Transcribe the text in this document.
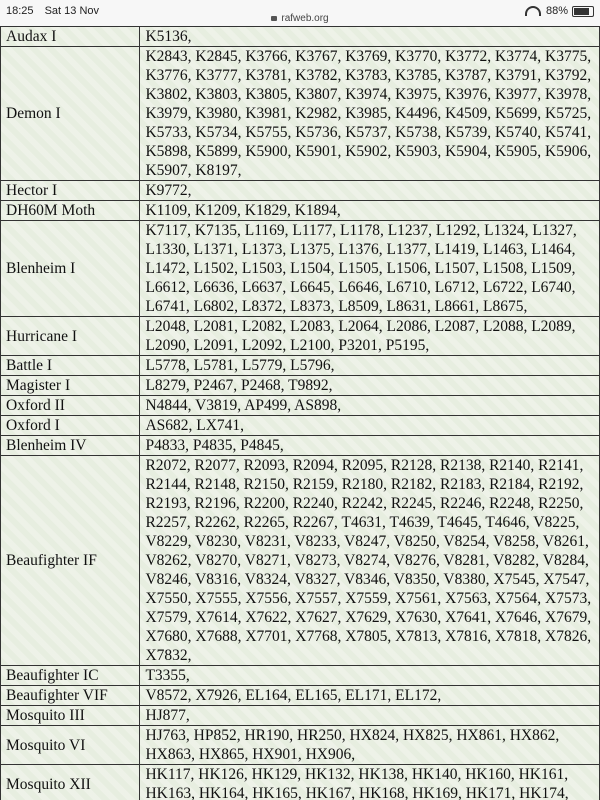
18:25 Sat 13 Nov
rafweb.org
88%
Audax I	K5136,
Demon I	K2843, K2845, K3766, K3767, K3769, K3770, K3772, K3774, K3775, K3776, K3777, K3781, K3782, K3783, K3785, K3787, K3791, K3792, K3802, K3803, K3805, K3807, K3974, K3975, K3976, K3977, K3978, K3979, K3980, K3981, K2982, K3985, K4496, K4509, K5699, K5725, K5733, K5734, K5755, K5736, K5737, K5738, K5739, K5740, K5741, K5898, K5899, K5900, K5901, K5902, K5903, K5904, K5905, K5906, K5907, K8197,
Hector I	K9772,
DH60M Moth	K1109, K1209, K1829, K1894,
Blenheim I	K7117, K7135, L1169, L1177, L1178, L1237, L1292, L1324, L1327, L1330, L1371, L1373, L1375, L1376, L1377, L1419, L1463, L1464, L1472, L1502, L1503, L1504, L1505, L1506, L1507, L1508, L1509, L6612, L6636, L6637, L6645, L6646, L6710, L6712, L6722, L6740, L6741, L6802, L8372, L8373, L8509, L8631, L8661, L8675,
Hurricane I	L2048, L2081, L2082, L2083, L2064, L2086, L2087, L2088, L2089, L2090, L2091, L2092, L2100, P3201, P5195,
Battle I	L5778, L5781, L5779, L5796,
Magister I	L8279, P2467, P2468, T9892,
Oxford II	N4844, V3819, AP499, AS898,
Oxford I	AS682, LX741,
Blenheim IV	P4833, P4835, P4845,
Beaufighter IF	R2072, R2077, R2093, R2094, R2095, R2128, R2138, R2140, R2141, R2144, R2148, R2150, R2159, R2180, R2182, R2183, R2184, R2192, R2193, R2196, R2200, R2240, R2242, R2245, R2246, R2248, R2250, R2257, R2262, R2265, R2267, T4631, T4639, T4645, T4646, V8225, V8229, V8230, V8231, V8233, V8247, V8250, V8254, V8258, V8261, V8262, V8270, V8271, V8273, V8274, V8276, V8281, V8282, V8284, V8246, V8316, V8324, V8327, V8346, V8350, V8380, X7545, X7547, X7550, X7555, X7556, X7557, X7559, X7561, X7563, X7564, X7573, X7579, X7614, X7622, X7627, X7629, X7630, X7641, X7646, X7679, X7680, X7688, X7701, X7768, X7805, X7813, X7816, X7818, X7826, X7832,
Beaufighter IC	T3355,
Beaufighter VIF	V8572, X7926, EL164, EL165, EL171, EL172,
Mosquito III	HJ877,
Mosquito VI	HJ763, HP852, HR190, HR250, HX824, HX825, HX861, HX862, HX863, HX865, HX901, HX906,
Mosquito XII	HK117, HK126, HK129, HK132, HK138, HK140, HK160, HK161, HK163, HK164, HK165, HK167, HK168, HK169, HK171, HK174,
